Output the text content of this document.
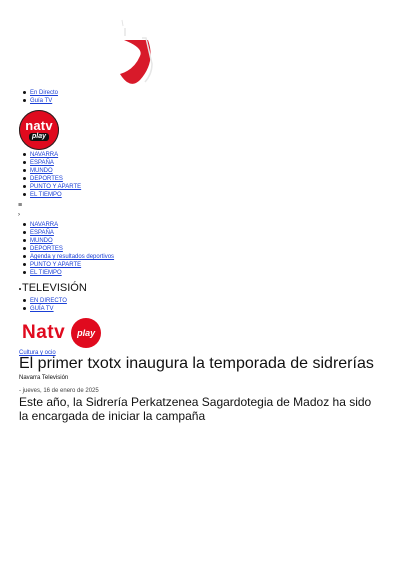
En Directo
Guía TV
natv
play
NAVARRA
ESPAÑA
MUNDO
DEPORTES
PUNTO Y APARTE
EL TIEMPO
≡
›
NAVARRA
ESPAÑA
MUNDO
DEPORTES
Agenda y resultados deportivos
PUNTO Y APARTE
EL TIEMPO
TELEVISIÓN
EN DIRECTO
GUÍA TV
Natv	play
Cultura y ocio
El primer txotx inaugura la temporada de sidrerías
Navarra Televisión
- jueves, 16 de enero de 2025
Este año, la Sidrería Perkatzenea Sagardotegia de Madoz ha sido la encargada de iniciar la campaña
